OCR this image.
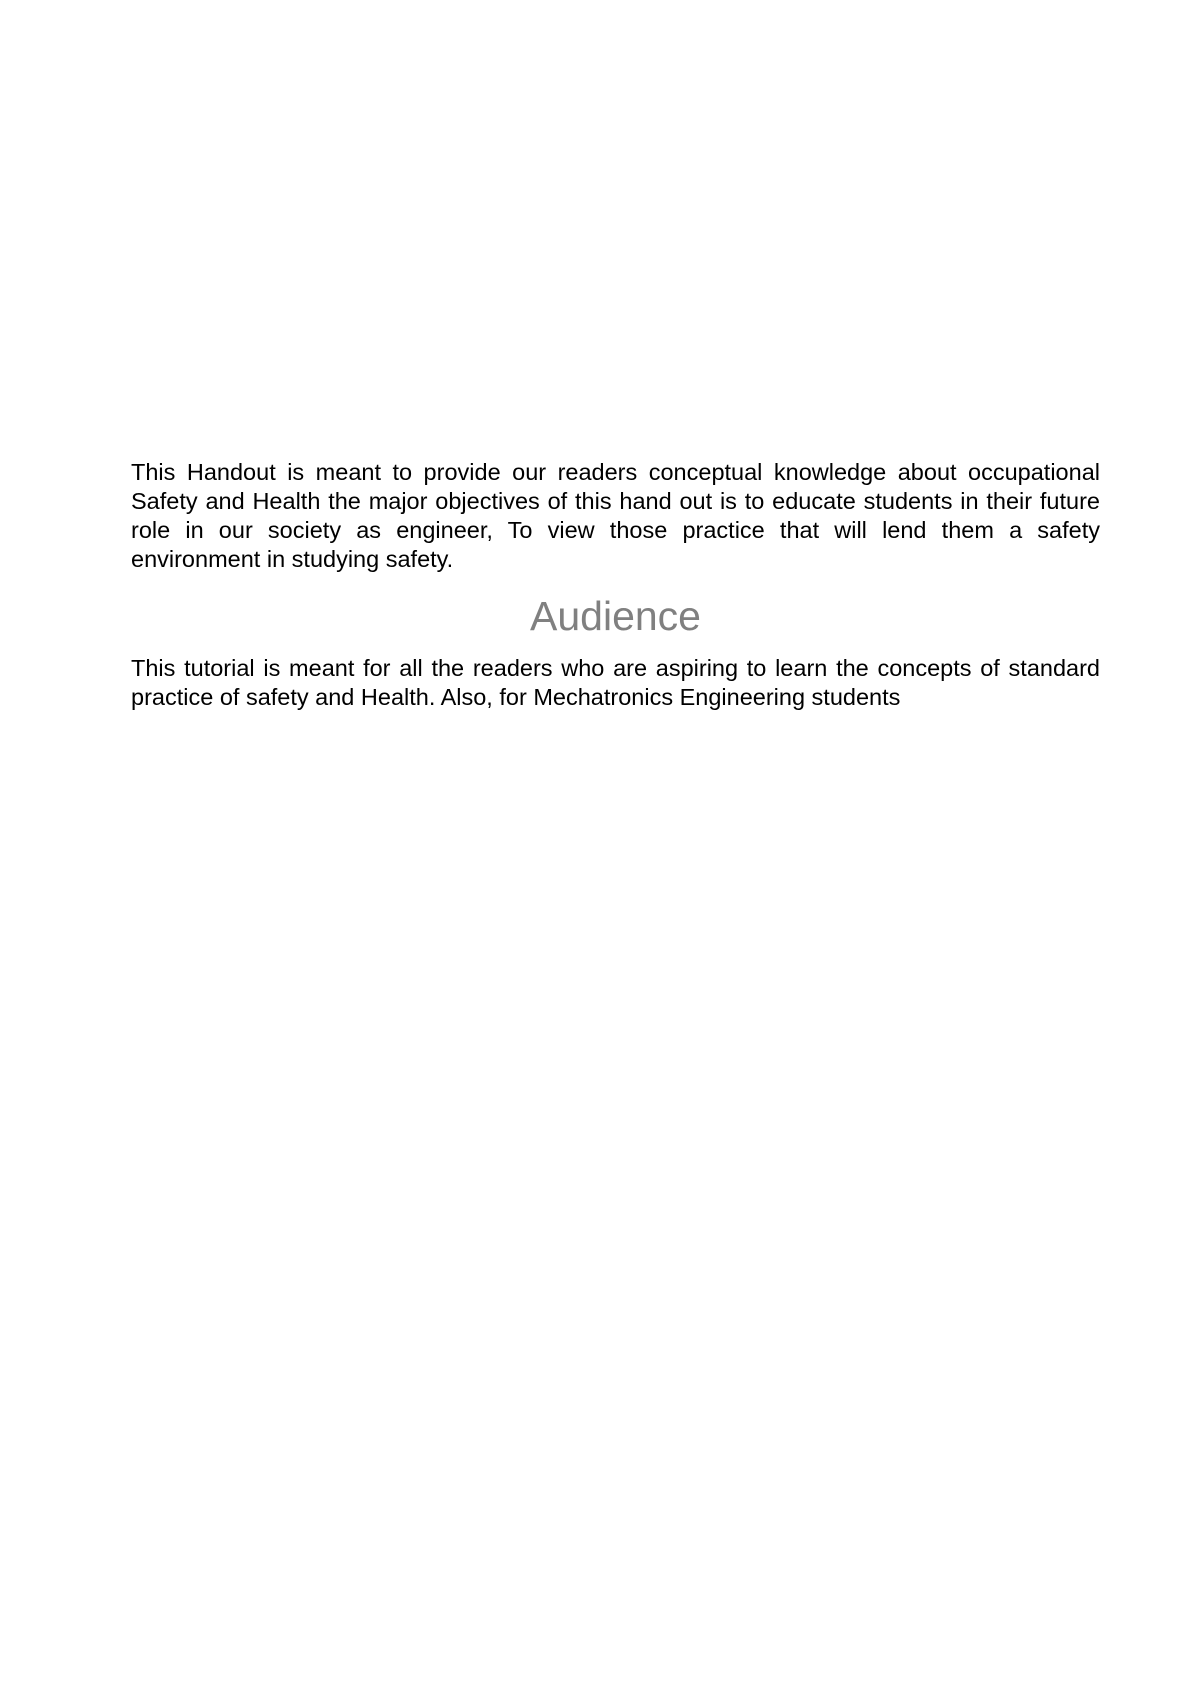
This Handout is meant to provide our readers conceptual knowledge about occupational Safety and Health the major objectives of this hand out is to educate students in their future role in our society as engineer, To view those practice that will lend them a safety environment in studying safety.

Audience

This tutorial is meant for all the readers who are aspiring to learn the concepts of standard practice of safety and Health. Also, for Mechatronics Engineering students
